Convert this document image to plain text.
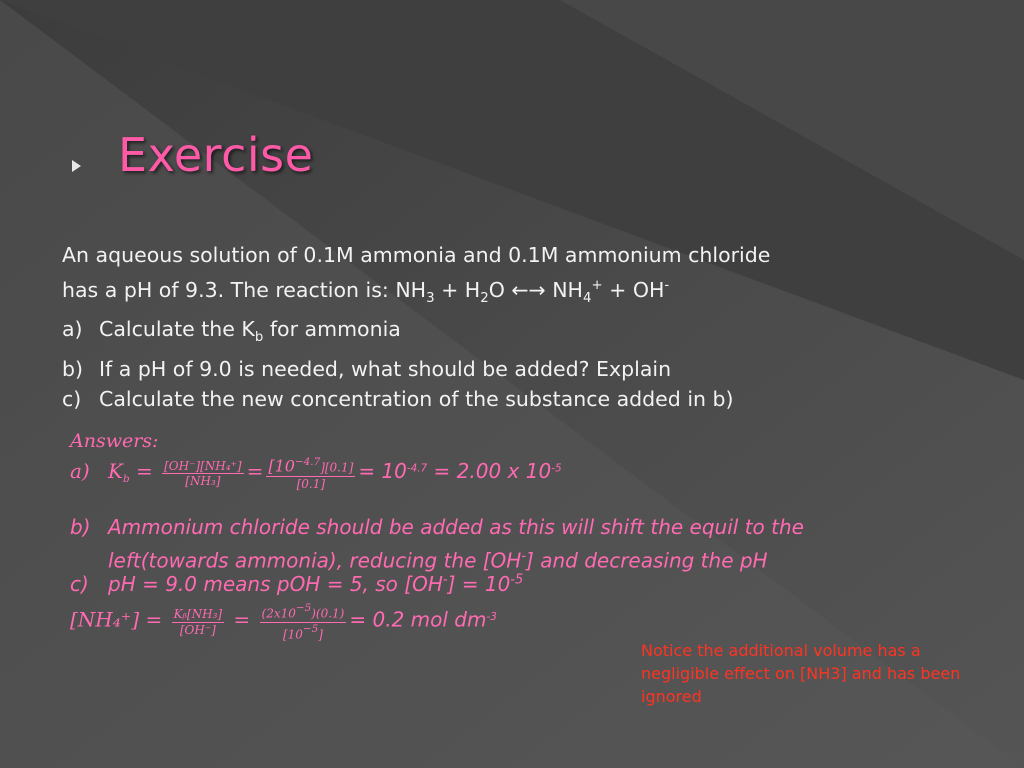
Exercise
An aqueous solution of 0.1M ammonia and 0.1M ammonium chloride
has a pH of 9.3. The reaction is: $NH_3 + H_2O$ ←→ $NH_4^+ + OH^-$
a) Calculate the $K_b$ for ammonia
b) If a pH of 9.0 is needed, what should be added? Explain
c) Calculate the new concentration of the substance added in b)
Answers:
a) $K_b = \frac{\text{[OH⁻][NH₄⁺]}}{\text{[NH₃]}} = \frac{[10^{-4.7}][0.1]}{[0.1]} = 10^{-4.7} = 2.00$ x $10^{-5}$
b) Ammonium chloride should be added as this will shift the equil to the
left(towards ammonia), reducing the [OH-] and decreasing the pH
c) pH = 9.0 means pOH = 5, so $[OH^-] = 10^{-5}$
$[NH_4^+] = \frac{\text{Kᵦ[NH₃]}}{[OH^-]} = \frac{(2x10^{-5})(0.1)}{[10^{-5}]} = 0.2$ mol $dm^{-3}$
Notice the additional volume has a negligible effect on [NH3] and has been ignored
